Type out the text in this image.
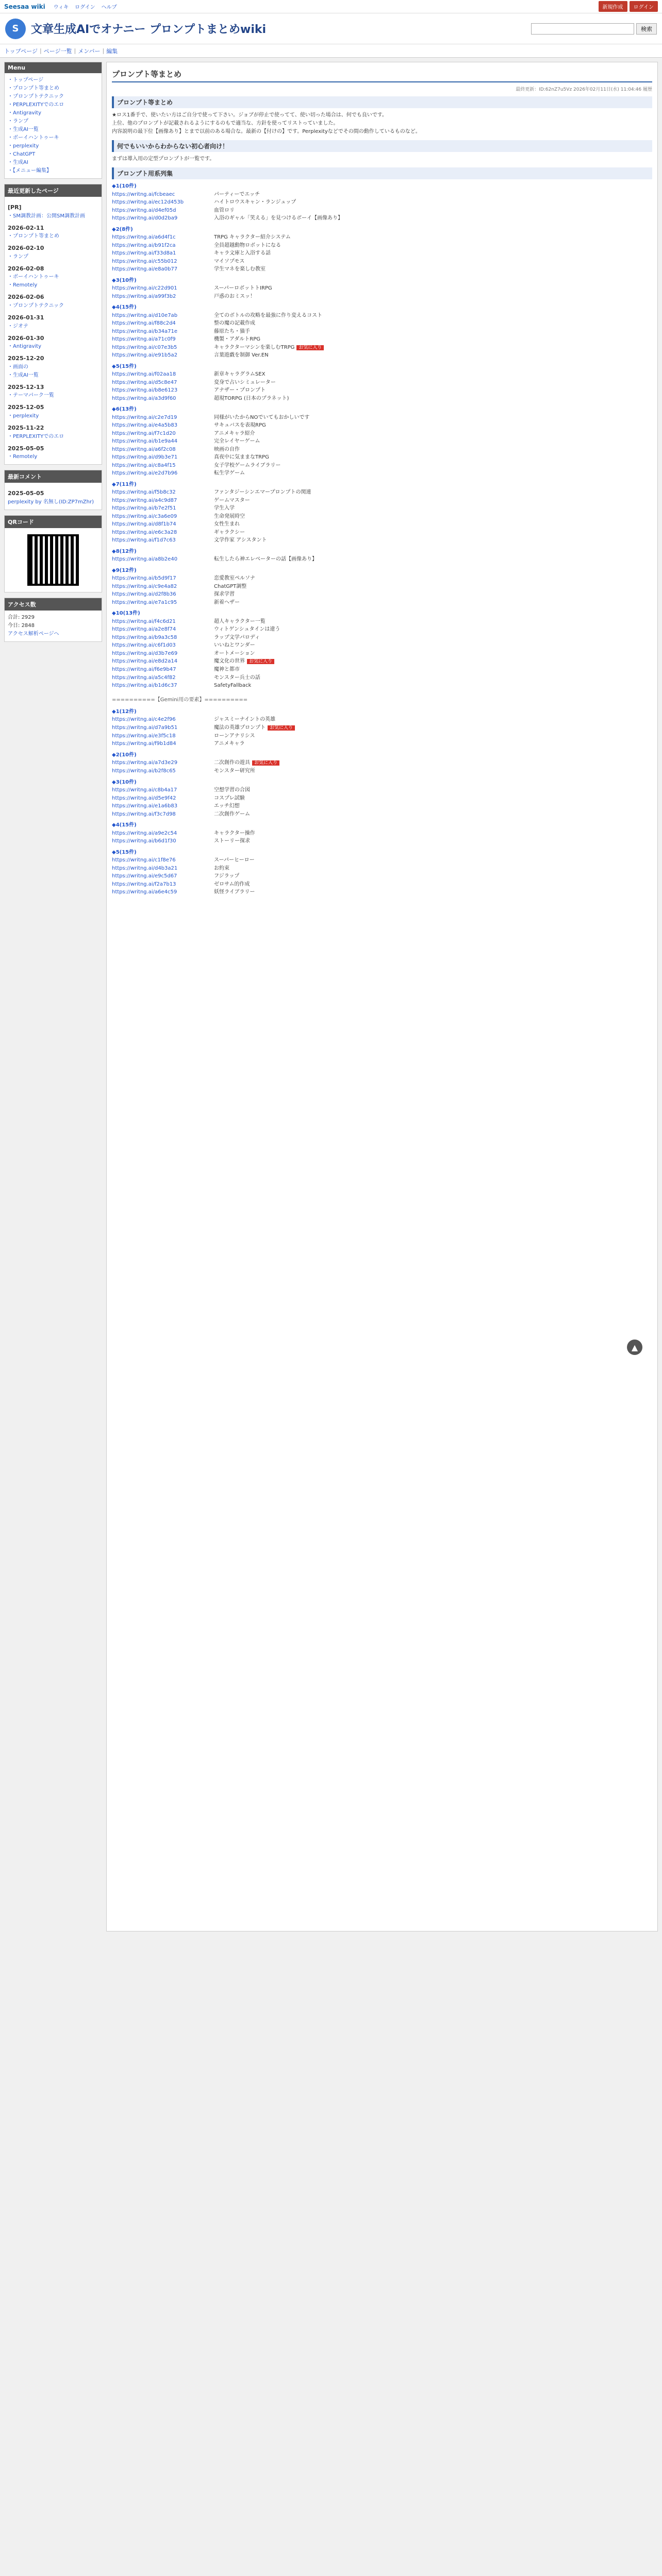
Seesaa wiki ウィキ ログイン ヘルプ	新規作成	ログイン
S	文章生成AIでオナニー プロンプトまとめwiki	検索
トップページ | ページ一覧 | メンバー | 編集
Menu
・トップページ
・プロンプト等まとめ
・プロンプトテクニック
・PERPLEXITYでのエロ
・Antigravity
・ランプ
・生成AI一覧
・ボーイハントゥーキ
・perplexity
・ChatGPT
・生成AI
・【メニュー編集】
最近更新したページ
[PR]
・SM調教計画：公開SM調教計画
2026-02-11
・プロンプト等まとめ
2026-02-10
・ランプ
2026-02-08
・ボーイハントゥーキ
・Remotely
2026-02-06
・プロンプトテクニック
2026-01-31
・ジオテ
2026-01-30
・Antigravity
2025-12-20
・画面の
・生成AI一覧
2025-12-13
・テーマパーク一覧
2025-12-05
・perplexity
2025-11-22
・PERPLEXITYでのエロ
2025-05-05
・Remotely
最新コメント
2025-05-05
perplexity by 名無し(ID:ZP7mZhr)
QRコード
アクセス数
合計: 2929
今日: 2848
アクセス解析ページへ
プロンプト等まとめ
最終更新：ID:62nZ7u5Vz 2026年02月11日(水) 11:04:46 履歴
プロンプト等まとめ
★ロス1番手で、使いたい方はご自分で使って下さい。ジョブが停止で使ってて、使い切った場合は、何でも良いです。
上位、他のプロンプトが記載されるようにするのもで適当な、方針を使ってリストっていました。
内容説明の最下位【画像あり】とまで以前のある場合な。最新の【付けの】です。Perplexityなどでその間の動作しているものなど。
何でもいいからわからない初心者向け！
まずは導入用の定型プロンプトが一覧です。
プロンプト用系列集
◆1(10件)
https://writng.ai/fcbeaec	パーティーでエッチ
https://writng.ai/ec12d453b	ハイトロウスキャン・ランジュップ
https://writng.ai/d4ef05d	血管ロリ
https://writng.ai/d0d2ba9	入浴のギャル「笑える」を見つけるボーイ【画像あり】
◆2(8件)
https://writng.ai/a6d4f1c	TRPG キャラクター紹介システム
https://writng.ai/b91f2ca	全員超越動物ロボットになる
https://writng.ai/f33d8a1	キャラ文庫と入浴する話
https://writng.ai/c55b012	マイソプモス
https://writng.ai/e8a0b77	学生マネを楽しむ教室
◆3(10件)
https://writng.ai/c22d901	スーパーロボットトIRPG
https://writng.ai/a99f3b2	戸惑のおミスッ！
◆4(15件)
https://writng.ai/d10e7ab	全てのボトルの攻略を最強に作り変えるコスト
https://writng.ai/f88c2d4	整の魔の記載作成
https://writng.ai/b34a71e	藤原たち・猫手
https://writng.ai/a71c0f9	機製・アダルトRPG
https://writng.ai/c07e3b5	キャラクターマシンを楽しむTRPG お気に入り
https://writng.ai/e91b5a2	言葉遊戯を制御 Ver.EN
◆5(15件)
https://writng.ai/f02aa18	新章キャラグラムSEX
https://writng.ai/d5c8e47	変身で占いシミュレーター
https://writng.ai/b8e6123	アナザー・プロンプト
https://writng.ai/a3d9f60	超現TORPG (日本のプラネット)
◆6(13件)
https://writng.ai/c2e7d19	同様がいたからNOでいてもおかしいです
https://writng.ai/e4a5b83	サキュバスを表現RPG
https://writng.ai/f7c1d20	アニメキャラ紹介
https://writng.ai/b1e9a44	完全レイヤーゲーム
https://writng.ai/a6f2c08	映画の自作
https://writng.ai/d9b3e71	真夜中に気ままなTRPG
https://writng.ai/c8a4f15	女子学校ゲームライブラリー
https://writng.ai/e2d7b96	転生学ゲーム
◆7(11件)
https://writng.ai/f5b8c32	ファンタジーシンエマープロンプトの関連
https://writng.ai/a4c9d87	ゲームマスター
https://writng.ai/b7e2f51	学生入学
https://writng.ai/c3a6e09	生命発展時空
https://writng.ai/d8f1b74	女性生まれ
https://writng.ai/e6c3a28	ギャラクシー
https://writng.ai/f1d7c63	文学作家 アシスタント
◆8(12件)
https://writng.ai/a8b2e40	転生したら神エレベーターの話【画像あり】
◆9(12件)
https://writng.ai/b5d9f17	恋愛教室ペルソナ
https://writng.ai/c9e4a82	ChatGPT調整
https://writng.ai/d2f8b36	探求学習
https://writng.ai/e7a1c95	新着ヘザー
◆10(13件)
https://writng.ai/f4c6d21	超人キャラクター一覧
https://writng.ai/a2e8f74	ウィトゲンシュタインは違う
https://writng.ai/b9a3c58	ラップ文学パロディ
https://writng.ai/c6f1d03	いいねとワンダー
https://writng.ai/d3b7e69	オートメーション
https://writng.ai/e8d2a14	魔文化の世界 お気に入り
https://writng.ai/f6e9b47	魔神と都市
https://writng.ai/a5c4f82	モンスター兵士の話
https://writng.ai/b1d6c37	SafetyFallback
==========【Gemini用の要素】==========
◆1(12件)
https://writng.ai/c4e2f96	ジャスミーナイントの英雄
https://writng.ai/d7a9b51	魔法の英雄プロンプト お気に入り
https://writng.ai/e3f5c18	ローンアナリシス
https://writng.ai/f9b1d84	アニメキャラ
◆2(10件)
https://writng.ai/a7d3e29	二次創作の遊具 お気に入り
https://writng.ai/b2f8c65	モンスター研究所
◆3(10件)
https://writng.ai/c8b4a17	空想学習の合図
https://writng.ai/d5e9f42	コスプレ試験
https://writng.ai/e1a6b83	エッチ幻想
https://writng.ai/f3c7d98	二次創作ゲーム
◆4(15件)
https://writng.ai/a9e2c54	キャラクター操作
https://writng.ai/b6d1f30	ストーリー探求
◆5(15件)
https://writng.ai/c1f8e76	スーパーヒーロー
https://writng.ai/d4b3a21	お約束
https://writng.ai/e9c5d67	フジラップ
https://writng.ai/f2a7b13	ゼロサム的作成
https://writng.ai/a6e4c59	妖怪ライブラリー
▲
